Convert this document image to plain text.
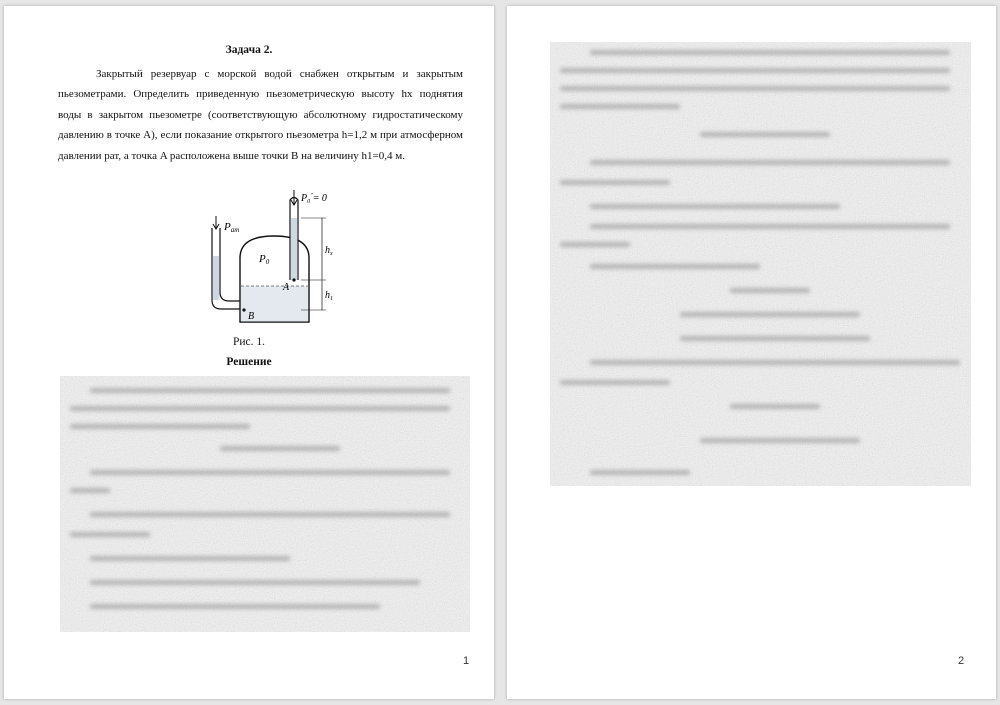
Задача 2.
Закрытый резервуар с морской водой снабжен открытым и закрытым пьезометрами. Определить приведенную пьезометрическую высоту hx поднятия воды в закрытом пьезометре (соответствующую абсолютному гидростатическому давлению в точке A), если показание открытого пьезометра h=1,2 м при атмосферном давлении pат, а точка A расположена выше точки B на величину h1=0,4 м.
Pam
P0
$P_0^"= 0$
$h_x$
$h_1$
A
B
Рис. 1.
Решение
1	2
